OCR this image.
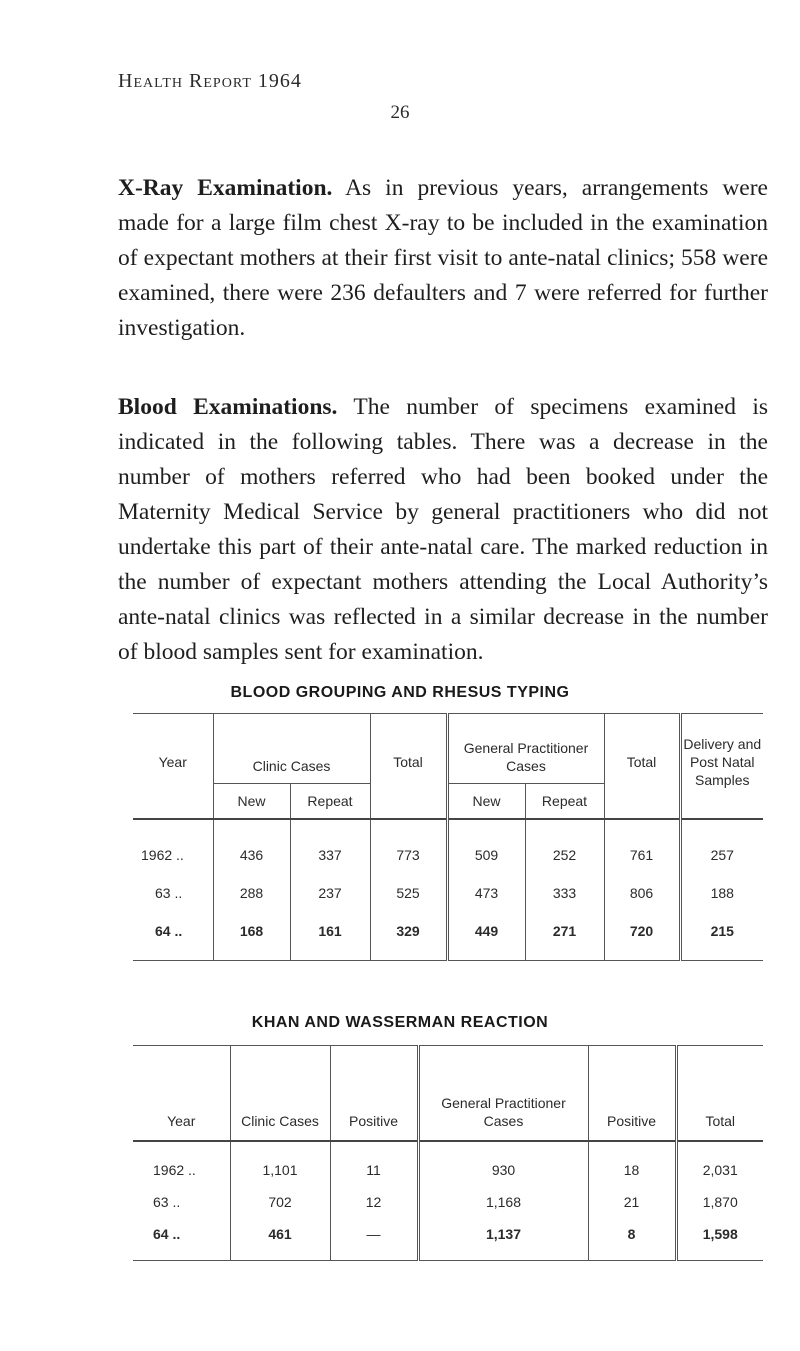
Health Report 1964
26

X-Ray Examination. As in previous years, arrangements were made for a large film chest X-ray to be included in the examination of expectant mothers at their first visit to ante-natal clinics; 558 were examined, there were 236 defaulters and 7 were referred for further investigation.

Blood Examinations. The number of specimens examined is indicated in the following tables. There was a decrease in the number of mothers referred who had been booked under the Maternity Medical Service by general practitioners who did not undertake this part of their ante-natal care. The marked reduction in the number of expectant mothers attending the Local Authority’s ante-natal clinics was reflected in a similar decrease in the number of blood samples sent for examination.

BLOOD GROUPING AND RHESUS TYPING
Year	Clinic Cases		Total	General Practitioner Cases		Total	Delivery and Post Natal Samples
	New	Repeat		New	Repeat		
1962 ..	436	337	773	509	252	761	257
63 ..	288	237	525	473	333	806	188
64 ..	168	161	329	449	271	720	215
KHAN AND WASSERMAN REACTION
Year	Clinic Cases	Positive	General Practitioner Cases	Positive	Total
1962 ..	1,101	11	930	18	2,031
63 ..	702	12	1,168	21	1,870
64 ..	461	—	1,137	8	1,598
